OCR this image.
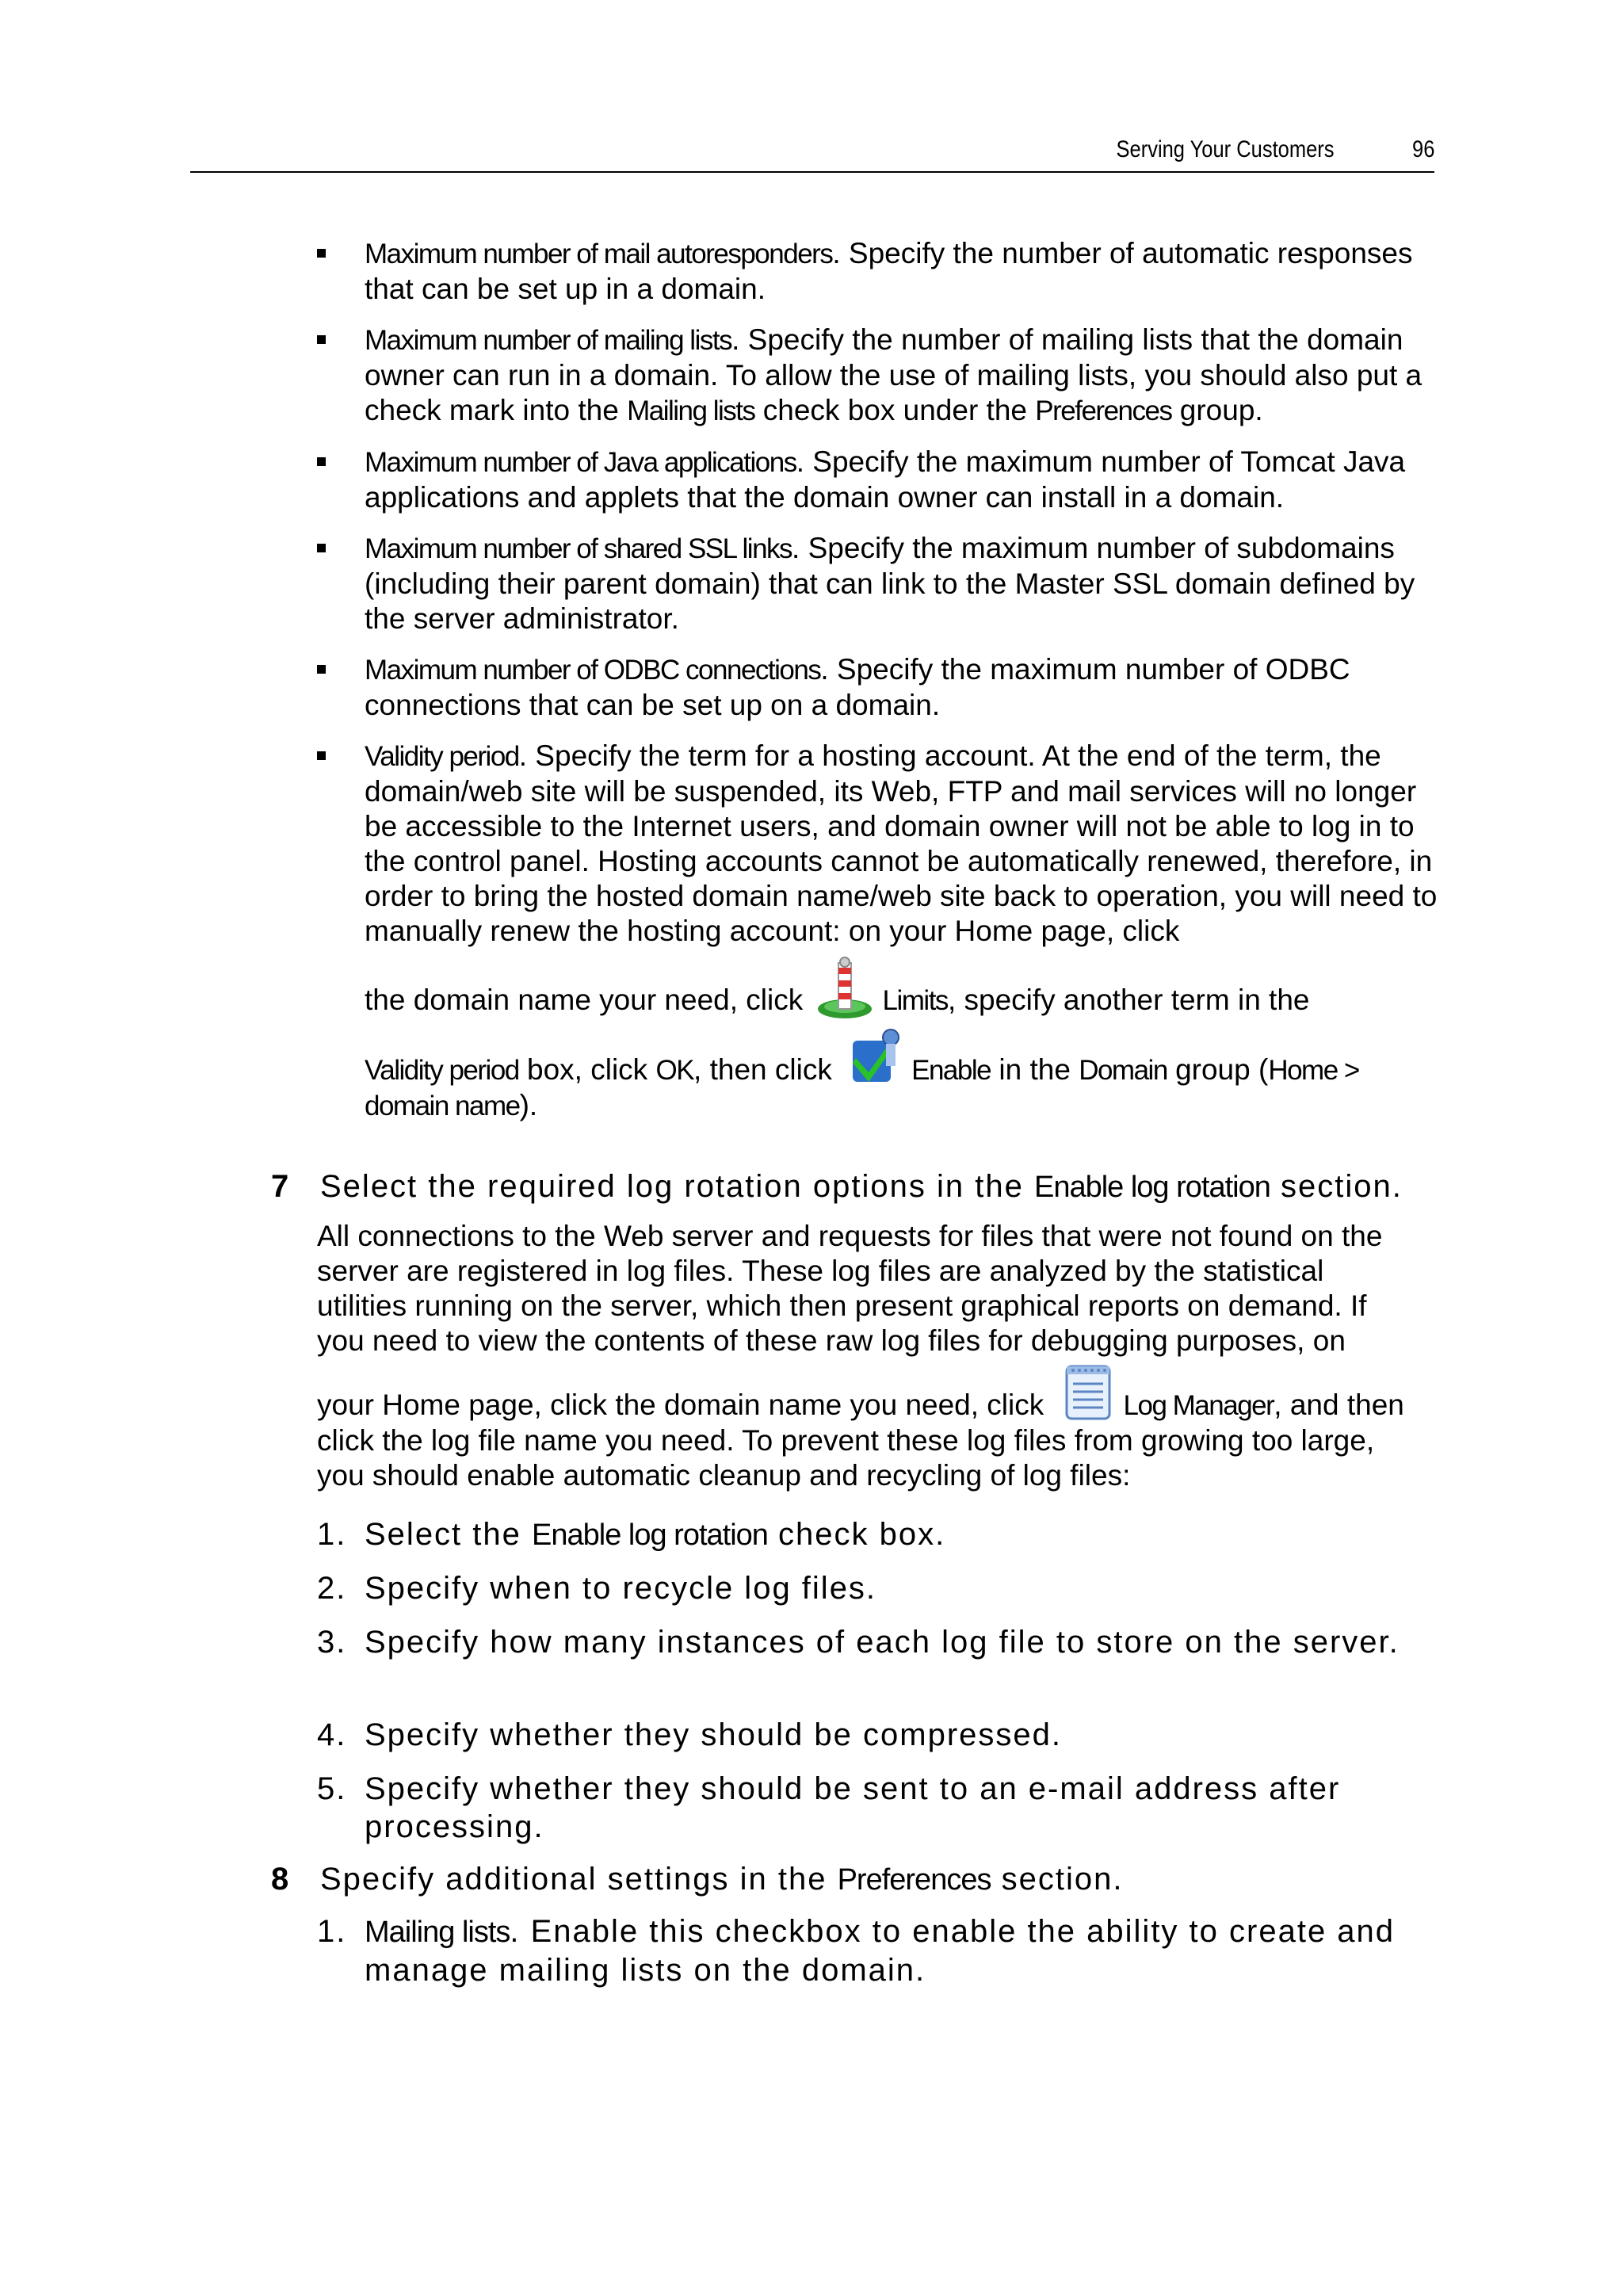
Serving Your Customers	96
Maximum number of mail autoresponders. Specify the number of automatic responses that can be set up in a domain.
Maximum number of mailing lists. Specify the number of mailing lists that the domain owner can run in a domain. To allow the use of mailing lists, you should also put a check mark into the Mailing lists check box under the Preferences group.
Maximum number of Java applications. Specify the maximum number of Tomcat Java applications and applets that the domain owner can install in a domain.
Maximum number of shared SSL links. Specify the maximum number of subdomains (including their parent domain) that can link to the Master SSL domain defined by the server administrator.
Maximum number of ODBC connections. Specify the maximum number of ODBC connections that can be set up on a domain.
Validity period. Specify the term for a hosting account. At the end of the term, the domain/web site will be suspended, its Web, FTP and mail services will no longer be accessible to the Internet users, and domain owner will not be able to log in to the control panel. Hosting accounts cannot be automatically renewed, therefore, in order to bring the hosted domain name/web site back to operation, you will need to manually renew the hosting account: on your Home page, click
the domain name your need, click	Limits, specify another term in the
Validity period box, click OK, then click	Enable in the Domain group (Home > domain name).
7 Select the required log rotation options in the Enable log rotation section.
All connections to the Web server and requests for files that were not found on the
server are registered in log files. These log files are analyzed by the statistical
utilities running on the server, which then present graphical reports on demand. If
you need to view the contents of these raw log files for debugging purposes, on
your Home page, click the domain name you need, click	Log Manager, and then
click the log file name you need. To prevent these log files from growing too large,
you should enable automatic cleanup and recycling of log files:
1. Select the Enable log rotation check box.
2. Specify when to recycle log files.
3. Specify how many instances of each log file to store on the server.
4. Specify whether they should be compressed.
5. Specify whether they should be sent to an e-mail address after processing.
8 Specify additional settings in the Preferences section.
1. Mailing lists. Enable this checkbox to enable the ability to create and manage mailing lists on the domain.
